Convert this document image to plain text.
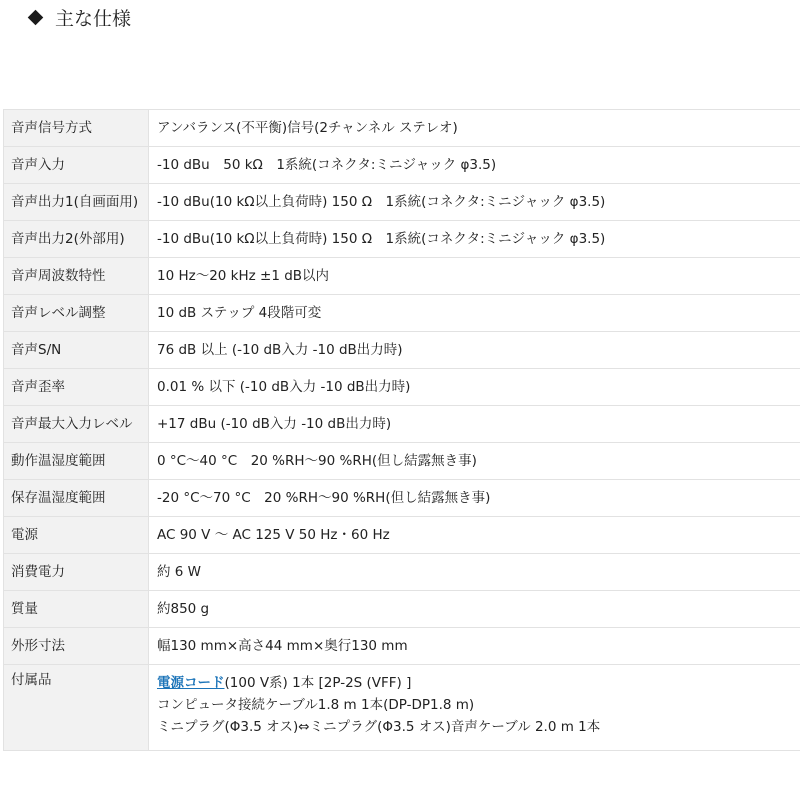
主な仕様
音声信号方式	アンバランス(不平衡)信号(2チャンネル ステレオ)
音声入力	-10 dBu　50 kΩ　1系統(コネクタ:ミニジャック φ3.5)
音声出力1(自画面用)	-10 dBu(10 kΩ以上負荷時) 150 Ω　1系統(コネクタ:ミニジャック φ3.5)
音声出力2(外部用)	-10 dBu(10 kΩ以上負荷時) 150 Ω　1系統(コネクタ:ミニジャック φ3.5)
音声周波数特性	10 Hz〜20 kHz ±1 dB以内
音声レベル調整	10 dB ステップ 4段階可変
音声S/N	76 dB 以上 (-10 dB入力 -10 dB出力時)
音声歪率	0.01 % 以下 (-10 dB入力 -10 dB出力時)
音声最大入力レベル	+17 dBu (-10 dB入力 -10 dB出力時)
動作温湿度範囲	0 °C〜40 °C　20 %RH〜90 %RH(但し結露無き事)
保存温湿度範囲	-20 °C〜70 °C　20 %RH〜90 %RH(但し結露無き事)
電源	AC 90 V 〜 AC 125 V 50 Hz・60 Hz
消費電力	約 6 W
質量	約850 g
外形寸法	幅130 mm×高さ44 mm×奥行130 mm
付属品	電源コード(100 V系) 1本 [2P-2S (VFF) ]
コンピュータ接続ケーブル1.8 m 1本(DP-DP1.8 m)
ミニプラグ(Φ3.5 オス)⇔ミニプラグ(Φ3.5 オス)音声ケーブル 2.0 m 1本
